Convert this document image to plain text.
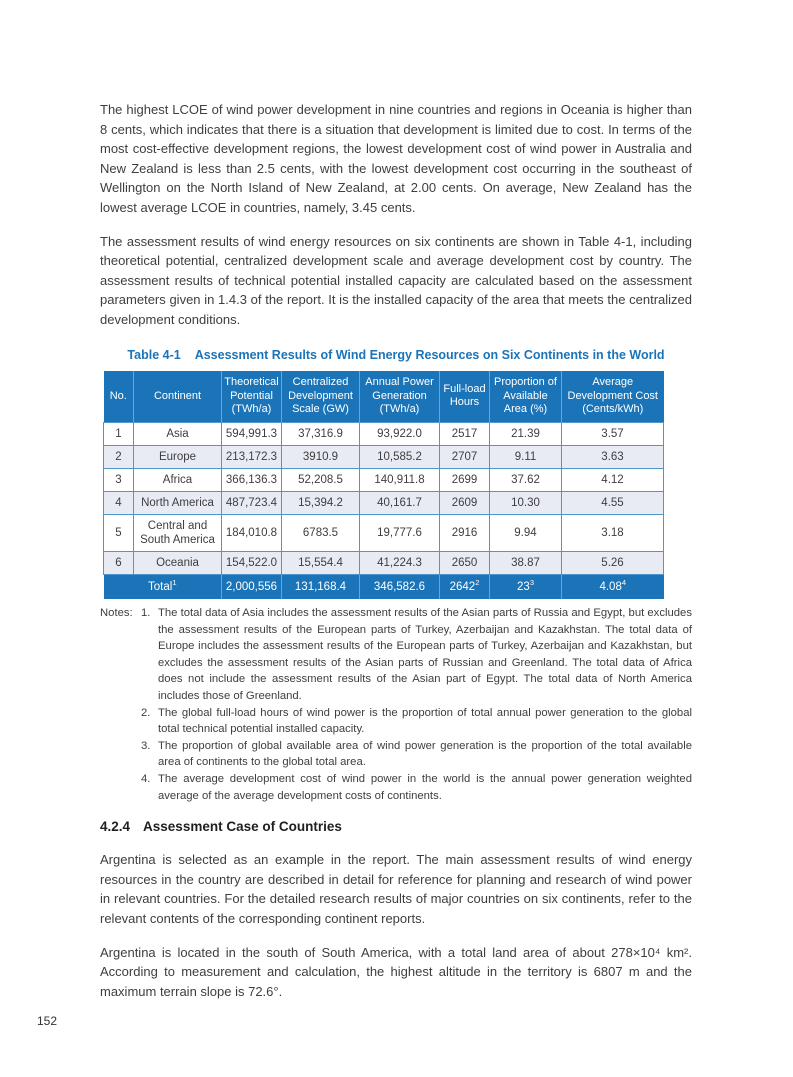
The highest LCOE of wind power development in nine countries and regions in Oceania is higher than 8 cents, which indicates that there is a situation that development is limited due to cost. In terms of the most cost-effective development regions, the lowest development cost of wind power in Australia and New Zealand is less than 2.5 cents, with the lowest development cost occurring in the southeast of Wellington on the North Island of New Zealand, at 2.00 cents. On average, New Zealand has the lowest average LCOE in countries, namely, 3.45 cents.

The assessment results of wind energy resources on six continents are shown in Table 4-1, including theoretical potential, centralized development scale and average development cost by country. The assessment results of technical potential installed capacity are calculated based on the assessment parameters given in 1.4.3 of the report. It is the installed capacity of the area that meets the centralized development conditions.

Table 4-1 Assessment Results of Wind Energy Resources on Six Continents in the World
No.	Continent	Theoretical Potential (TWh/a)	Centralized Development Scale (GW)	Annual Power Generation (TWh/a)	Full-load Hours	Proportion of Available Area (%)	Average Development Cost (Cents/kWh)
1	Asia	594,991.3	37,316.9	93,922.0	2517	21.39	3.57
2	Europe	213,172.3	3910.9	10,585.2	2707	9.11	3.63
3	Africa	366,136.3	52,208.5	140,911.8	2699	37.62	4.12
4	North America	487,723.4	15,394.2	40,161.7	2609	10.30	4.55
5	Central and South America	184,010.8	6783.5	19,777.6	2916	9.94	3.18
6	Oceania	154,522.0	15,554.4	41,224.3	2650	38.87	5.26
Total$^1$		2,000,556	131,168.4	346,582.6	2642$^2$	$23^3$	4.08$^4$
Notes: 1. The total data of Asia includes the assessment results of the Asian parts of Russia and Egypt, but excludes the assessment results of the European parts of Turkey, Azerbaijan and Kazakhstan. The total data of Europe includes the assessment results of the European parts of Turkey, Azerbaijan and Kazakhstan, but excludes the assessment results of the Asian parts of Russian and Greenland. The total data of Africa does not include the assessment results of the Asian part of Egypt. The total data of North America includes those of Greenland.
2. The global full-load hours of wind power is the proportion of total annual power generation to the global total technical potential installed capacity.
3. The proportion of global available area of wind power generation is the proportion of the total available area of continents to the global total area.
4. The average development cost of wind power in the world is the annual power generation weighted average of the average development costs of continents.
4.2.4 Assessment Case of Countries

Argentina is selected as an example in the report. The main assessment results of wind energy resources in the country are described in detail for reference for planning and research of wind power in relevant countries. For the detailed research results of major countries on six continents, refer to the relevant contents of the corresponding continent reports.

Argentina is located in the south of South America, with a total land area of about 278×10⁴ km². According to measurement and calculation, the highest altitude in the territory is 6807 m and the maximum terrain slope is 72.6°.

152
